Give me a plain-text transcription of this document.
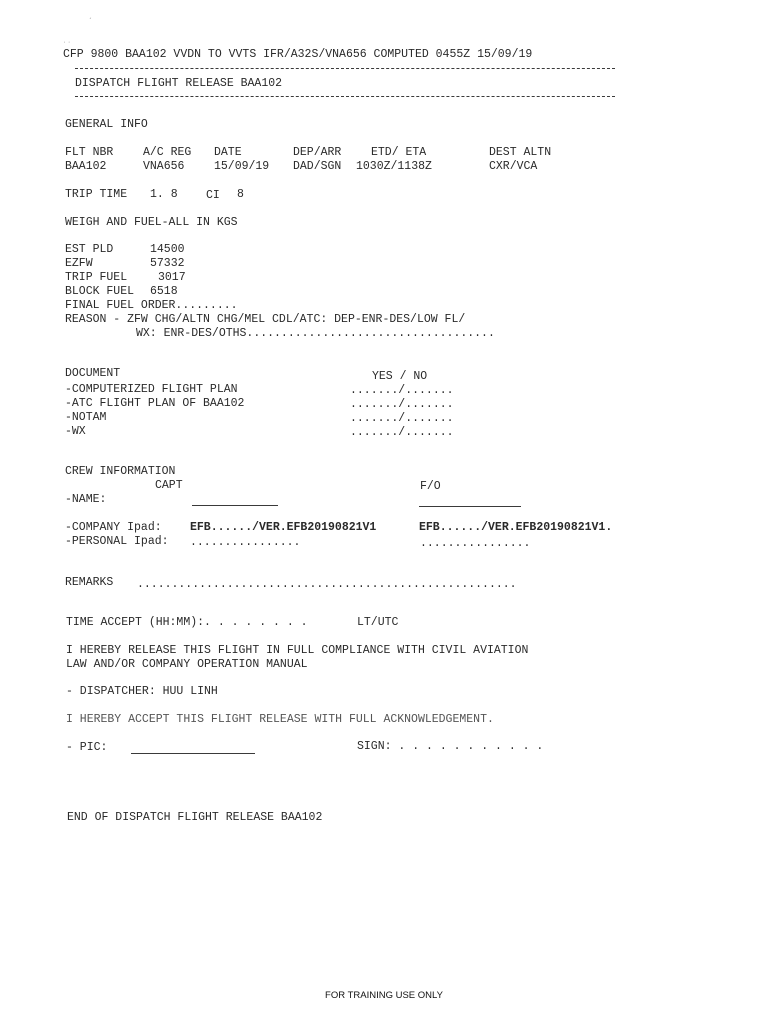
ˊ
˙˙
CFP 9800 BAA102 VVDN TO VVTS IFR/A32S/VNA656 COMPUTED 0455Z 15/09/19
DISPATCH FLIGHT RELEASE BAA102
GENERAL INFO
FLT NBR	A/C REG DATE	DEP/ARR	ETD/ ETA	DEST ALTN
BAA102	VNA656	15/09/19 DAD/SGN 1030Z/1138Z	CXR/VCA
TRIP TIME 1. 8 CI 8
WEIGH AND FUEL-ALL IN KGS
EST PLD	14500
EZFW	57332
TRIP FUEL	3017
BLOCK FUEL 6518
FINAL FUEL ORDER.........
REASON - ZFW CHG/ALTN CHG/MEL CDL/ATC: DEP-ENR-DES/LOW FL/
WX: ENR-DES/OTHS....................................
DOCUMENT	YES / NO
-COMPUTERIZED FLIGHT PLAN	......./.......
-ATC FLIGHT PLAN OF BAA102	......./.......
-NOTAM	......./.......
-WX	......./.......
CREW INFORMATION
CAPT	F/O
-NAME:
-COMPANY Ipad: EFB....../VER.EFB20190821V1	EFB....../VER.EFB20190821V1.
-PERSONAL Ipad: ................	................
REMARKS .......................................................
TIME ACCEPT (HH:MM):. . . . . . . .	LT/UTC
I HEREBY RELEASE THIS FLIGHT IN FULL COMPLIANCE WITH CIVIL AVIATION
LAW AND/OR COMPANY OPERATION MANUAL
- DISPATCHER: HUU LINH
I HEREBY ACCEPT THIS FLIGHT RELEASE WITH FULL ACKNOWLEDGEMENT.
- PIC:	SIGN: . . . . . . . . . . .
END OF DISPATCH FLIGHT RELEASE BAA102
FOR TRAINING USE ONLY
